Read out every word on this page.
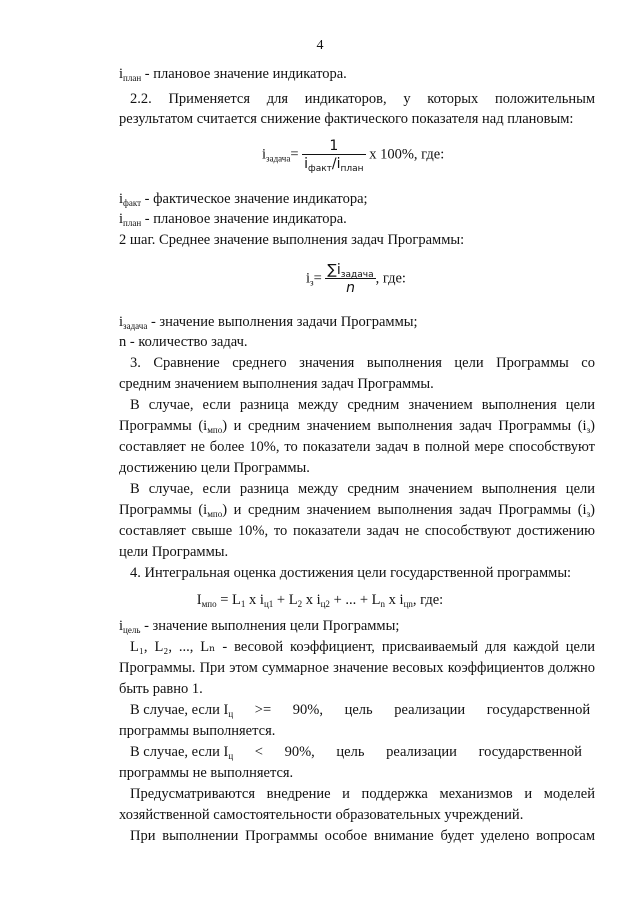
4
$i_{план}$ - плановое значение индикатора.
2.2. Применяется для индикаторов, у которых положительным
результатом считается снижение фактического показателя над плановым:
$i_{задача}= \frac{1}{i_{факт}/i_{план}}$ х 100%, где:
$i_{факт}$ - фактическое значение индикатора;
$i_{план}$ - плановое значение индикатора.
2 шаг. Среднее значение выполнения задач Программы:
$i_з= \frac{\sum i_{задача}}{n}$ , где:
$i_{задача}$ - значение выполнения задачи Программы;
n - количество задач.
3. Сравнение среднего значения выполнения цели Программы со
средним значением выполнения задач Программы.
В случае, если разница между средним значением выполнения цели
Программы $(i_{мпо})$ и средним значением выполнения задач Программы $(i_з)$
составляет не более 10%, то показатели задач в полной мере способствуют
достижению цели Программы.
В случае, если разница между средним значением выполнения цели
Программы $(i_{мпо})$ и средним значением выполнения задач Программы $(i_з)$
составляет свыше 10%, то показатели задач не способствуют достижению
цели Программы.
4. Интегральная оценка достижения цели государственной программы:
$I_{мпо} = L_1$ х $i_{ц1} + L_2$ х $i_{ц2}$ + ... + $L_n$ х $i_{цn}$, где:
$i_{цель}$ - значение выполнения цели Программы;
L₁, L₂, ..., Lₙ - весовой коэффициент, присваиваемый для каждой цели
Программы. При этом суммарное значение весовых коэффициентов должно
быть равно 1.
В случае, если $I_ц >= 90\%$, цель реализации государственной
программы выполняется.
В случае, если $I_ц < 90\%$, цель реализации государственной
программы не выполняется.
Предусматриваются внедрение и поддержка механизмов и моделей
хозяйственной самостоятельности образовательных учреждений.
При выполнении Программы особое внимание будет уделено вопросам
